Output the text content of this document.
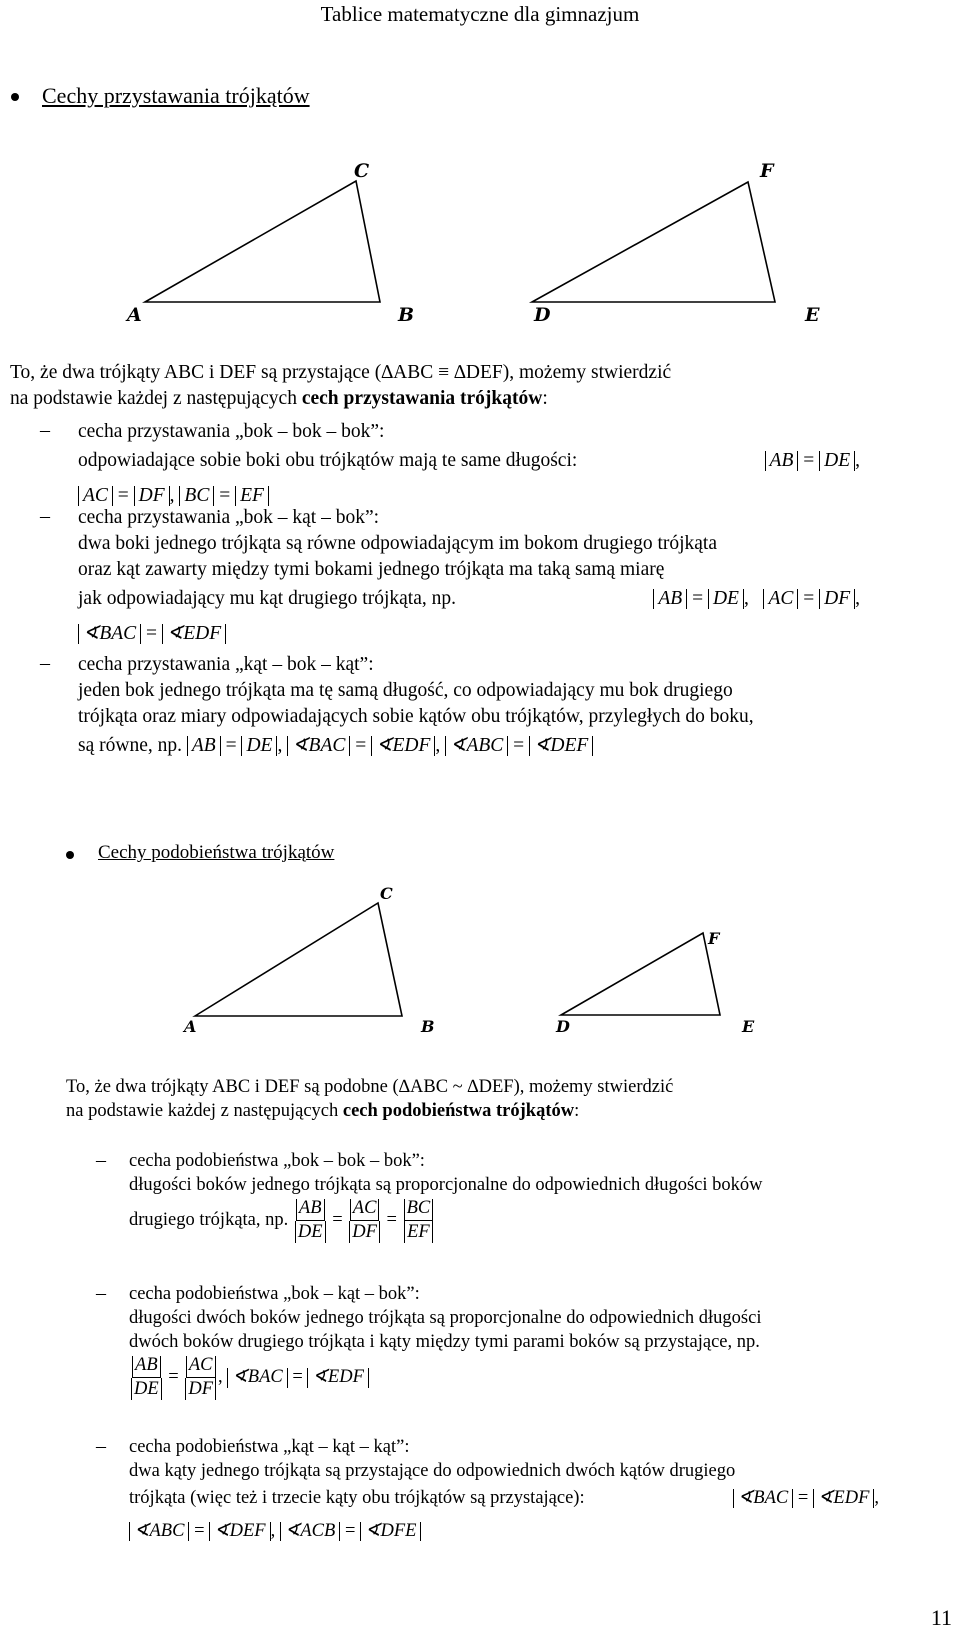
Tablice matematyczne dla gimnazjum
Cechy przystawania trójkątów
A	B
C
D	E
F
To, że dwa trójkąty ABC i DEF są przystające (∆ABC ≡ ∆DEF), możemy stwierdzić
na podstawie każdej z następujących cech przystawania trójkątów:
– cecha przystawania „bok – bok – bok”:
odpowiadające sobie boki obu trójkątów mają te same długości:	AB = DE ,
AC = DF , BC = EF
– cecha przystawania „bok – kąt – bok”:
dwa boki jednego trójkąta są równe odpowiadającym im bokom drugiego trójkąta
oraz kąt zawarty między tymi bokami jednego trójkąta ma taką samą miarę
jak odpowiadający mu kąt drugiego trójkąta, np.	AB = DE ,   AC = DF ,
∢BAC = ∢EDF
– cecha przystawania „kąt – bok – kąt”:
jeden bok jednego trójkąta ma tę samą długość, co odpowiadający mu bok drugiego
trójkąta oraz miary odpowiadających sobie kątów obu trójkątów, przyległych do boku,
są równe, np. AB = DE , ∢BAC = ∢EDF , ∢ABC = ∢DEF
Cechy podobieństwa trójkątów
A	B
C
D	E
F
To, że dwa trójkąty ABC i DEF są podobne (∆ABC ~ ∆DEF), możemy stwierdzić
na podstawie każdej z następujących cech podobieństwa trójkątów:
– cecha podobieństwa „bok – bok – bok”:
długości boków jednego trójkąta są proporcjonalne do odpowiednich długości boków
drugiego trójkąta, np. $\frac{AB}{DE} = \frac{AC}{DF} = \frac{BC}{EF}$
– cecha podobieństwa „bok – kąt – bok”:
długości dwóch boków jednego trójkąta są proporcjonalne do odpowiednich długości
dwóch boków drugiego trójkąta i kąty między tymi parami boków są przystające, np.
$\frac{AB}{DE} = \frac{AC}{DF}$ , ∢BAC = ∢EDF
– cecha podobieństwa „kąt – kąt – kąt”:
dwa kąty jednego trójkąta są przystające do odpowiednich dwóch kątów drugiego
trójkąta (więc też i trzecie kąty obu trójkątów są przystające):	∢BAC = ∢EDF ,
∢ABC = ∢DEF , ∢ACB = ∢DFE
11
